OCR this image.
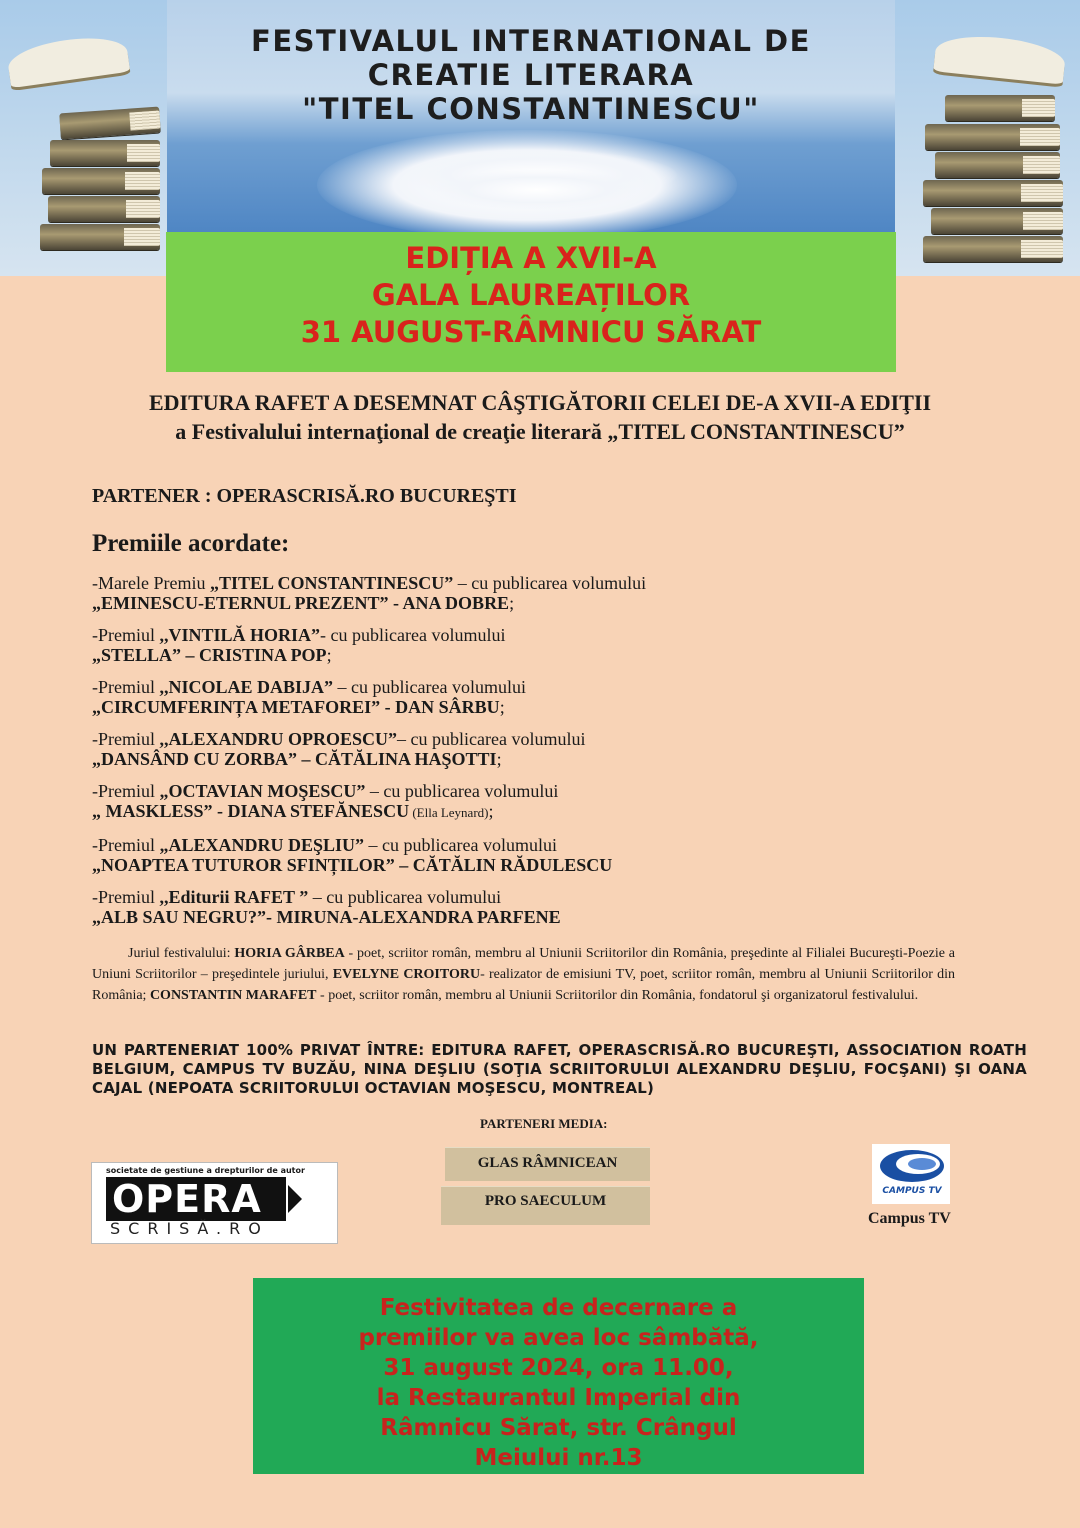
FESTIVALUL INTERNATIONAL DE
CREATIE LITERARA
"TITEL CONSTANTINESCU"
EDIȚIA A XVII-A
GALA LAUREAȚILOR
31 AUGUST-RÂMNICU SĂRAT
EDITURA RAFET A DESEMNAT CÂŞTIGĂTORII CELEI DE-A XVII-A EDIŢII
a Festivalului internaţional de creaţie literară „TITEL CONSTANTINESCU”
PARTENER : OPERASCRISĂ.RO BUCUREŞTI
Premiile acordate:
-Marele Premiu „TITEL CONSTANTINESCU” – cu publicarea volumului
„EMINESCU-ETERNUL PREZENT” - ANA DOBRE;
-Premiul ,,VINTILĂ HORIA”- cu publicarea volumului
„STELLA” – CRISTINA POP;
-Premiul ,,NICOLAE DABIJA” – cu publicarea volumului
„CIRCUMFERINȚA METAFOREI” - DAN SÂRBU;
-Premiul ,,ALEXANDRU OPROESCU”– cu publicarea volumului
„DANSÂND CU ZORBA” – CĂTĂLINA HAŞOTTI;
-Premiul „OCTAVIAN MOŞESCU” – cu publicarea volumului
„ MASKLESS” - DIANA STEFĂNESCU (Ella Leynard);
-Premiul „ALEXANDRU DEŞLIU” – cu publicarea volumului
„NOAPTEA TUTUROR SFINȚILOR” – CĂTĂLIN RĂDULESCU
-Premiul ,,Editurii RAFET ” – cu publicarea volumului
„ALB SAU NEGRU?”- MIRUNA-ALEXANDRA PARFENE
Juriul festivalului: HORIA GÂRBEA - poet, scriitor român, membru al Uniunii Scriitorilor din România, preşedinte al Filialei Bucureşti-Poezie a Uniuni Scriitorilor – preşedintele juriului, EVELYNE CROITORU- realizator de emisiuni TV, poet, scriitor român, membru al Uniunii Scriitorilor din România; CONSTANTIN MARAFET - poet, scriitor român, membru al Uniunii Scriitorilor din România, fondatorul şi organizatorul festivalului.
UN PARTENERIAT 100% PRIVAT ÎNTRE: EDITURA RAFET, OPERASCRISĂ.RO BUCUREŞTI, ASSOCIATION ROATH BELGIUM, CAMPUS TV BUZĂU, NINA DEŞLIU (SOŢIA SCRIITORULUI ALEXANDRU DEŞLIU, FOCŞANI) ŞI OANA CAJAL (NEPOATA SCRIITORULUI OCTAVIAN MOŞESCU, MONTREAL)
PARTENERI MEDIA:
GLAS RÂMNICEAN
PRO SAECULUM
societate de gestiune a drepturilor de autor
OPERA
SCRISĂ.RO
CAMPUS TV
Campus TV
Festivitatea de decernare a
premiilor va avea loc sâmbătă,
31 august 2024, ora 11.00,
la Restaurantul Imperial din
Râmnicu Sărat, str. Crângul
Meiului nr.13
